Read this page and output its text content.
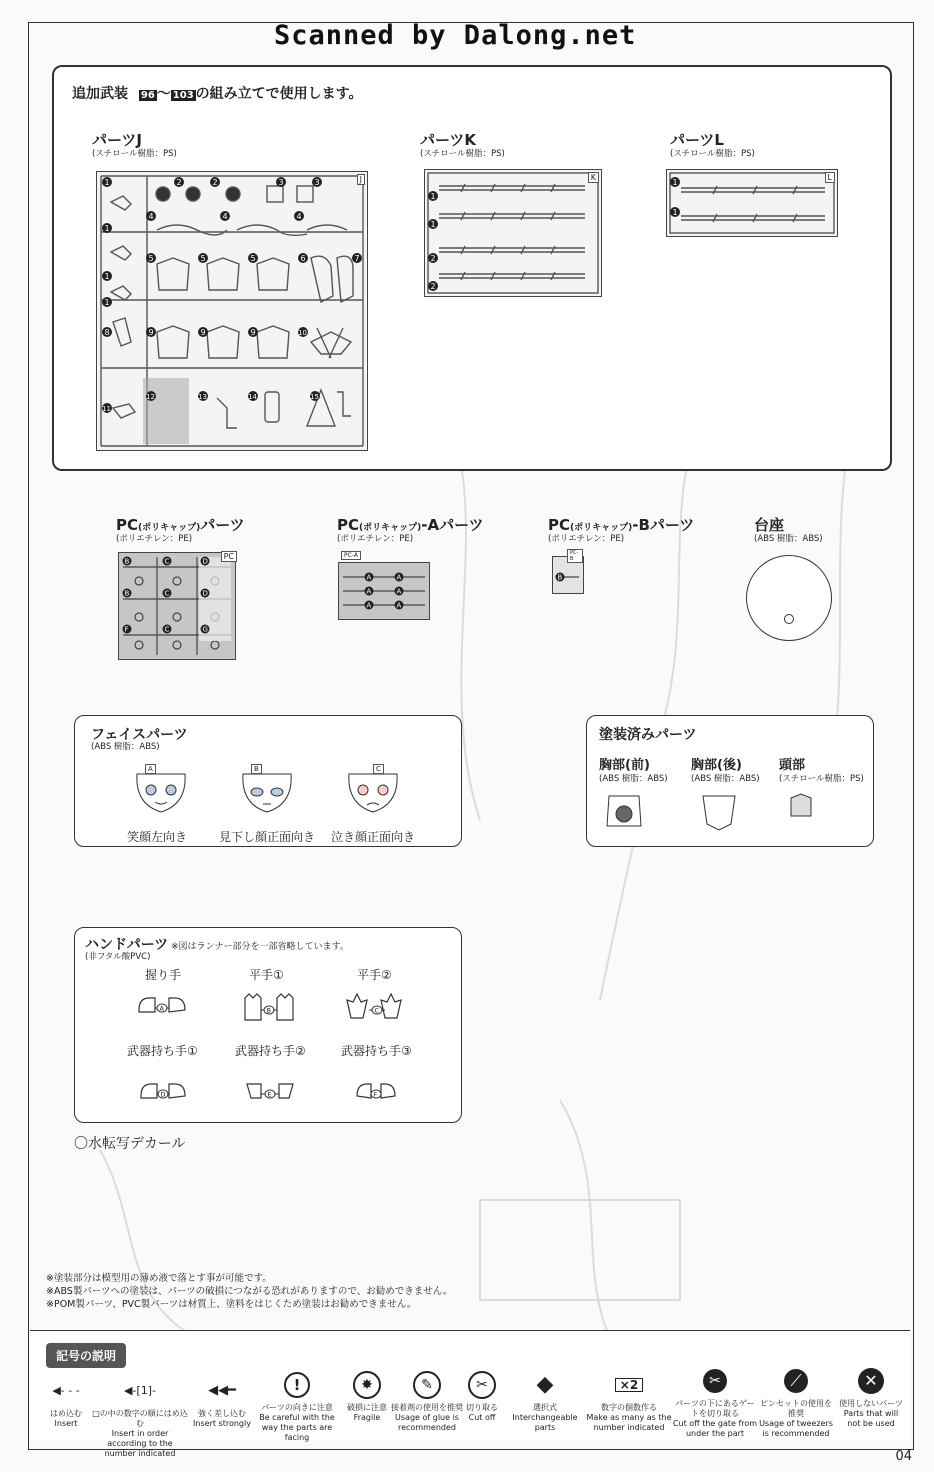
Scanned by Dalong.net
追加武装 96 〜 103 の組み立てで使用します。
パーツJ
(スチロール樹脂：PS)
1	2	2	3	3
1
4	4	4
1
5	5	5	6	7
1
8	9	9	9	10
11
12	13	14	15
J
パーツK
(スチロール樹脂：PS)
1
1
2
2
K
パーツL
(スチロール樹脂：PS)
1
1
L
PC(ポリキャップ)パーツ
(ポリエチレン：PE)
B	C	D
B	C	D
F	C	G
PC
PC(ポリキャップ)-Aパーツ
(ポリエチレン：PE)
A	A
A	A
A	A
PC-A
PC(ポリキャップ)-Bパーツ
(ポリエチレン：PE)
B
PC-B
台座
(ABS 樹脂：ABS)
フェイスパーツ
(ABS 樹脂：ABS)
A
笑顔左向き
B
見下し顔正面向き
C
泣き顔正面向き
塗装済みパーツ
胸部(前)
(ABS 樹脂：ABS)
胸部(後)
(ABS 樹脂：ABS)
頭部
(スチロール樹脂：PS)
ハンドパーツ ※図はランナー部分を一部省略しています。
(非フタル酸PVC)
握り手	平手①	平手②
武器持ち手①	武器持ち手②	武器持ち手③
A	B	C
D	E	F
〇水転写デカール
※塗装部分は模型用の薄め液で落とす事が可能です。
※ABS製パーツへの塗装は、パーツの破損につながる恐れがありますので、お勧めできません。
※POM製パーツ、PVC製パーツは材質上、塗料をはじくため塗装はお勧めできません。
記号の説明
◀- - -
はめ込む
Insert
◀-[1]-
□の中の数字の順にはめ込む
Insert in order according to the number indicated
◀◀━
強く差し込む
Insert strongly
!
パーツの向きに注意
Be careful with the way the parts are facing
✸
破損に注意
Fragile
✎
接着剤の使用を推奨
Usage of glue is recommended
✂
切り取る
Cut off
◆
選択式
Interchangeable parts
×2
数字の個数作る
Make as many as the number indicated
✂
パーツの下にあるゲートを切り取る
Cut off the gate from under the part
⟋
ピンセットの使用を推奨
Usage of tweezers is recommended
✕
使用しないパーツ
Parts that will not be used
04
